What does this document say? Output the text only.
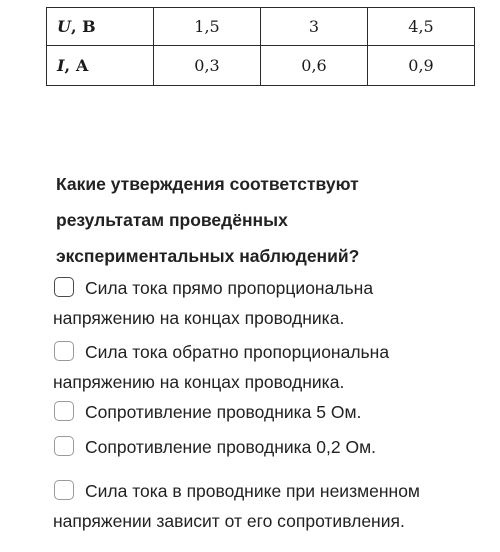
U, В	1,5	3	4,5
I, А	0,3	0,6	0,9
Какие утверждения соответствуют
результатам проведённых
экспериментальных наблюдений?
Сила тока прямо пропорциональна
напряжению на концах проводника.
Сила тока обратно пропорциональна
напряжению на концах проводника.
Сопротивление проводника 5 Ом.
Сопротивление проводника 0,2 Ом.
Сила тока в проводнике при неизменном
напряжении зависит от его сопротивления.
